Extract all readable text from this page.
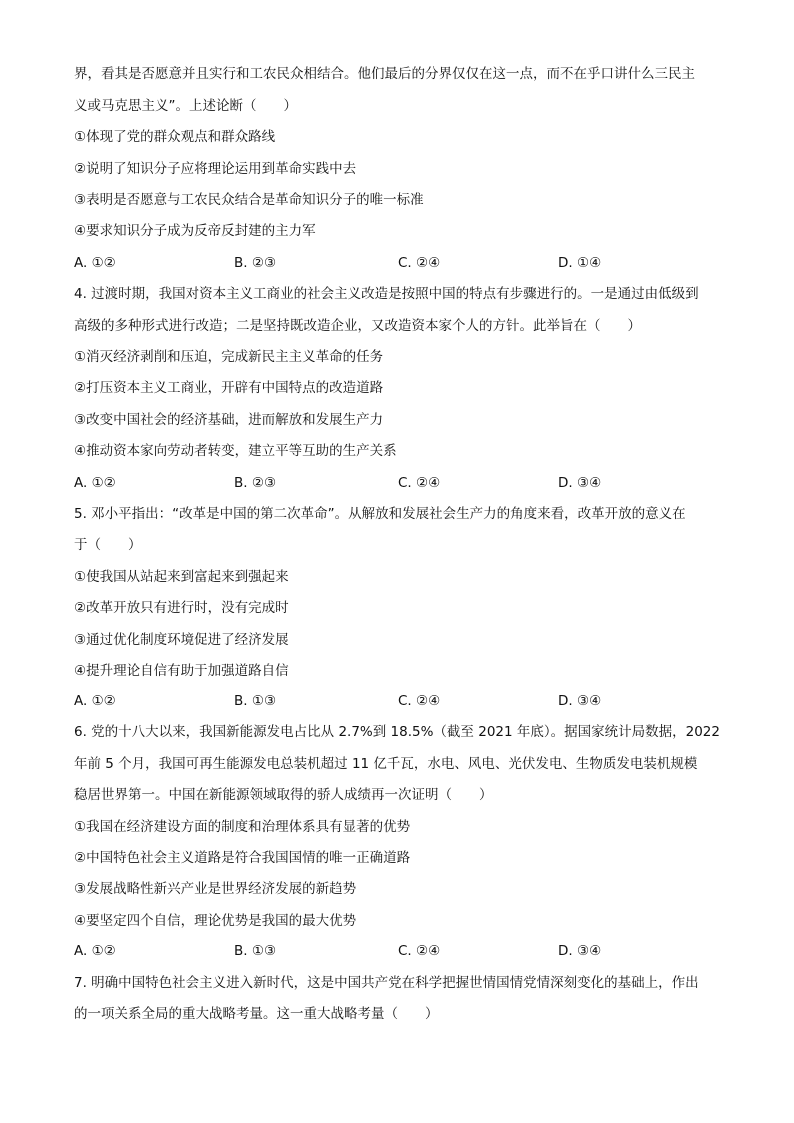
界，看其是否愿意并且实行和工农民众相结合。他们最后的分界仅仅在这一点，而不在乎口讲什么三民主
义或马克思主义”。上述论断（　　）
①体现了党的群众观点和群众路线
②说明了知识分子应将理论运用到革命实践中去
③表明是否愿意与工农民众结合是革命知识分子的唯一标准
④要求知识分子成为反帝反封建的主力军
A. ①②	B. ②③	C. ②④	D. ①④
4. 过渡时期，我国对资本主义工商业的社会主义改造是按照中国的特点有步骤进行的。一是通过由低级到
高级的多种形式进行改造；二是坚持既改造企业，又改造资本家个人的方针。此举旨在（　　）
①消灭经济剥削和压迫，完成新民主主义革命的任务
②打压资本主义工商业，开辟有中国特点的改造道路
③改变中国社会的经济基础，进而解放和发展生产力
④推动资本家向劳动者转变，建立平等互助的生产关系
A. ①②	B. ②③	C. ②④	D. ③④
5. 邓小平指出：“改革是中国的第二次革命”。从解放和发展社会生产力的角度来看，改革开放的意义在
于（　　）
①使我国从站起来到富起来到强起来
②改革开放只有进行时，没有完成时
③通过优化制度环境促进了经济发展
④提升理论自信有助于加强道路自信
A. ①②	B. ①③	C. ②④	D. ③④
6. 党的十八大以来，我国新能源发电占比从 2.7%到 18.5%（截至 2021 年底）。据国家统计局数据，2022
年前 5 个月，我国可再生能源发电总装机超过 11 亿千瓦，水电、风电、光伏发电、生物质发电装机规模
稳居世界第一。中国在新能源领域取得的骄人成绩再一次证明（　　）
①我国在经济建设方面的制度和治理体系具有显著的优势
②中国特色社会主义道路是符合我国国情的唯一正确道路
③发展战略性新兴产业是世界经济发展的新趋势
④要坚定四个自信，理论优势是我国的最大优势
A. ①②	B. ①③	C. ②④	D. ③④
7. 明确中国特色社会主义进入新时代，这是中国共产党在科学把握世情国情党情深刻变化的基础上，作出
的一项关系全局的重大战略考量。这一重大战略考量（　　）
